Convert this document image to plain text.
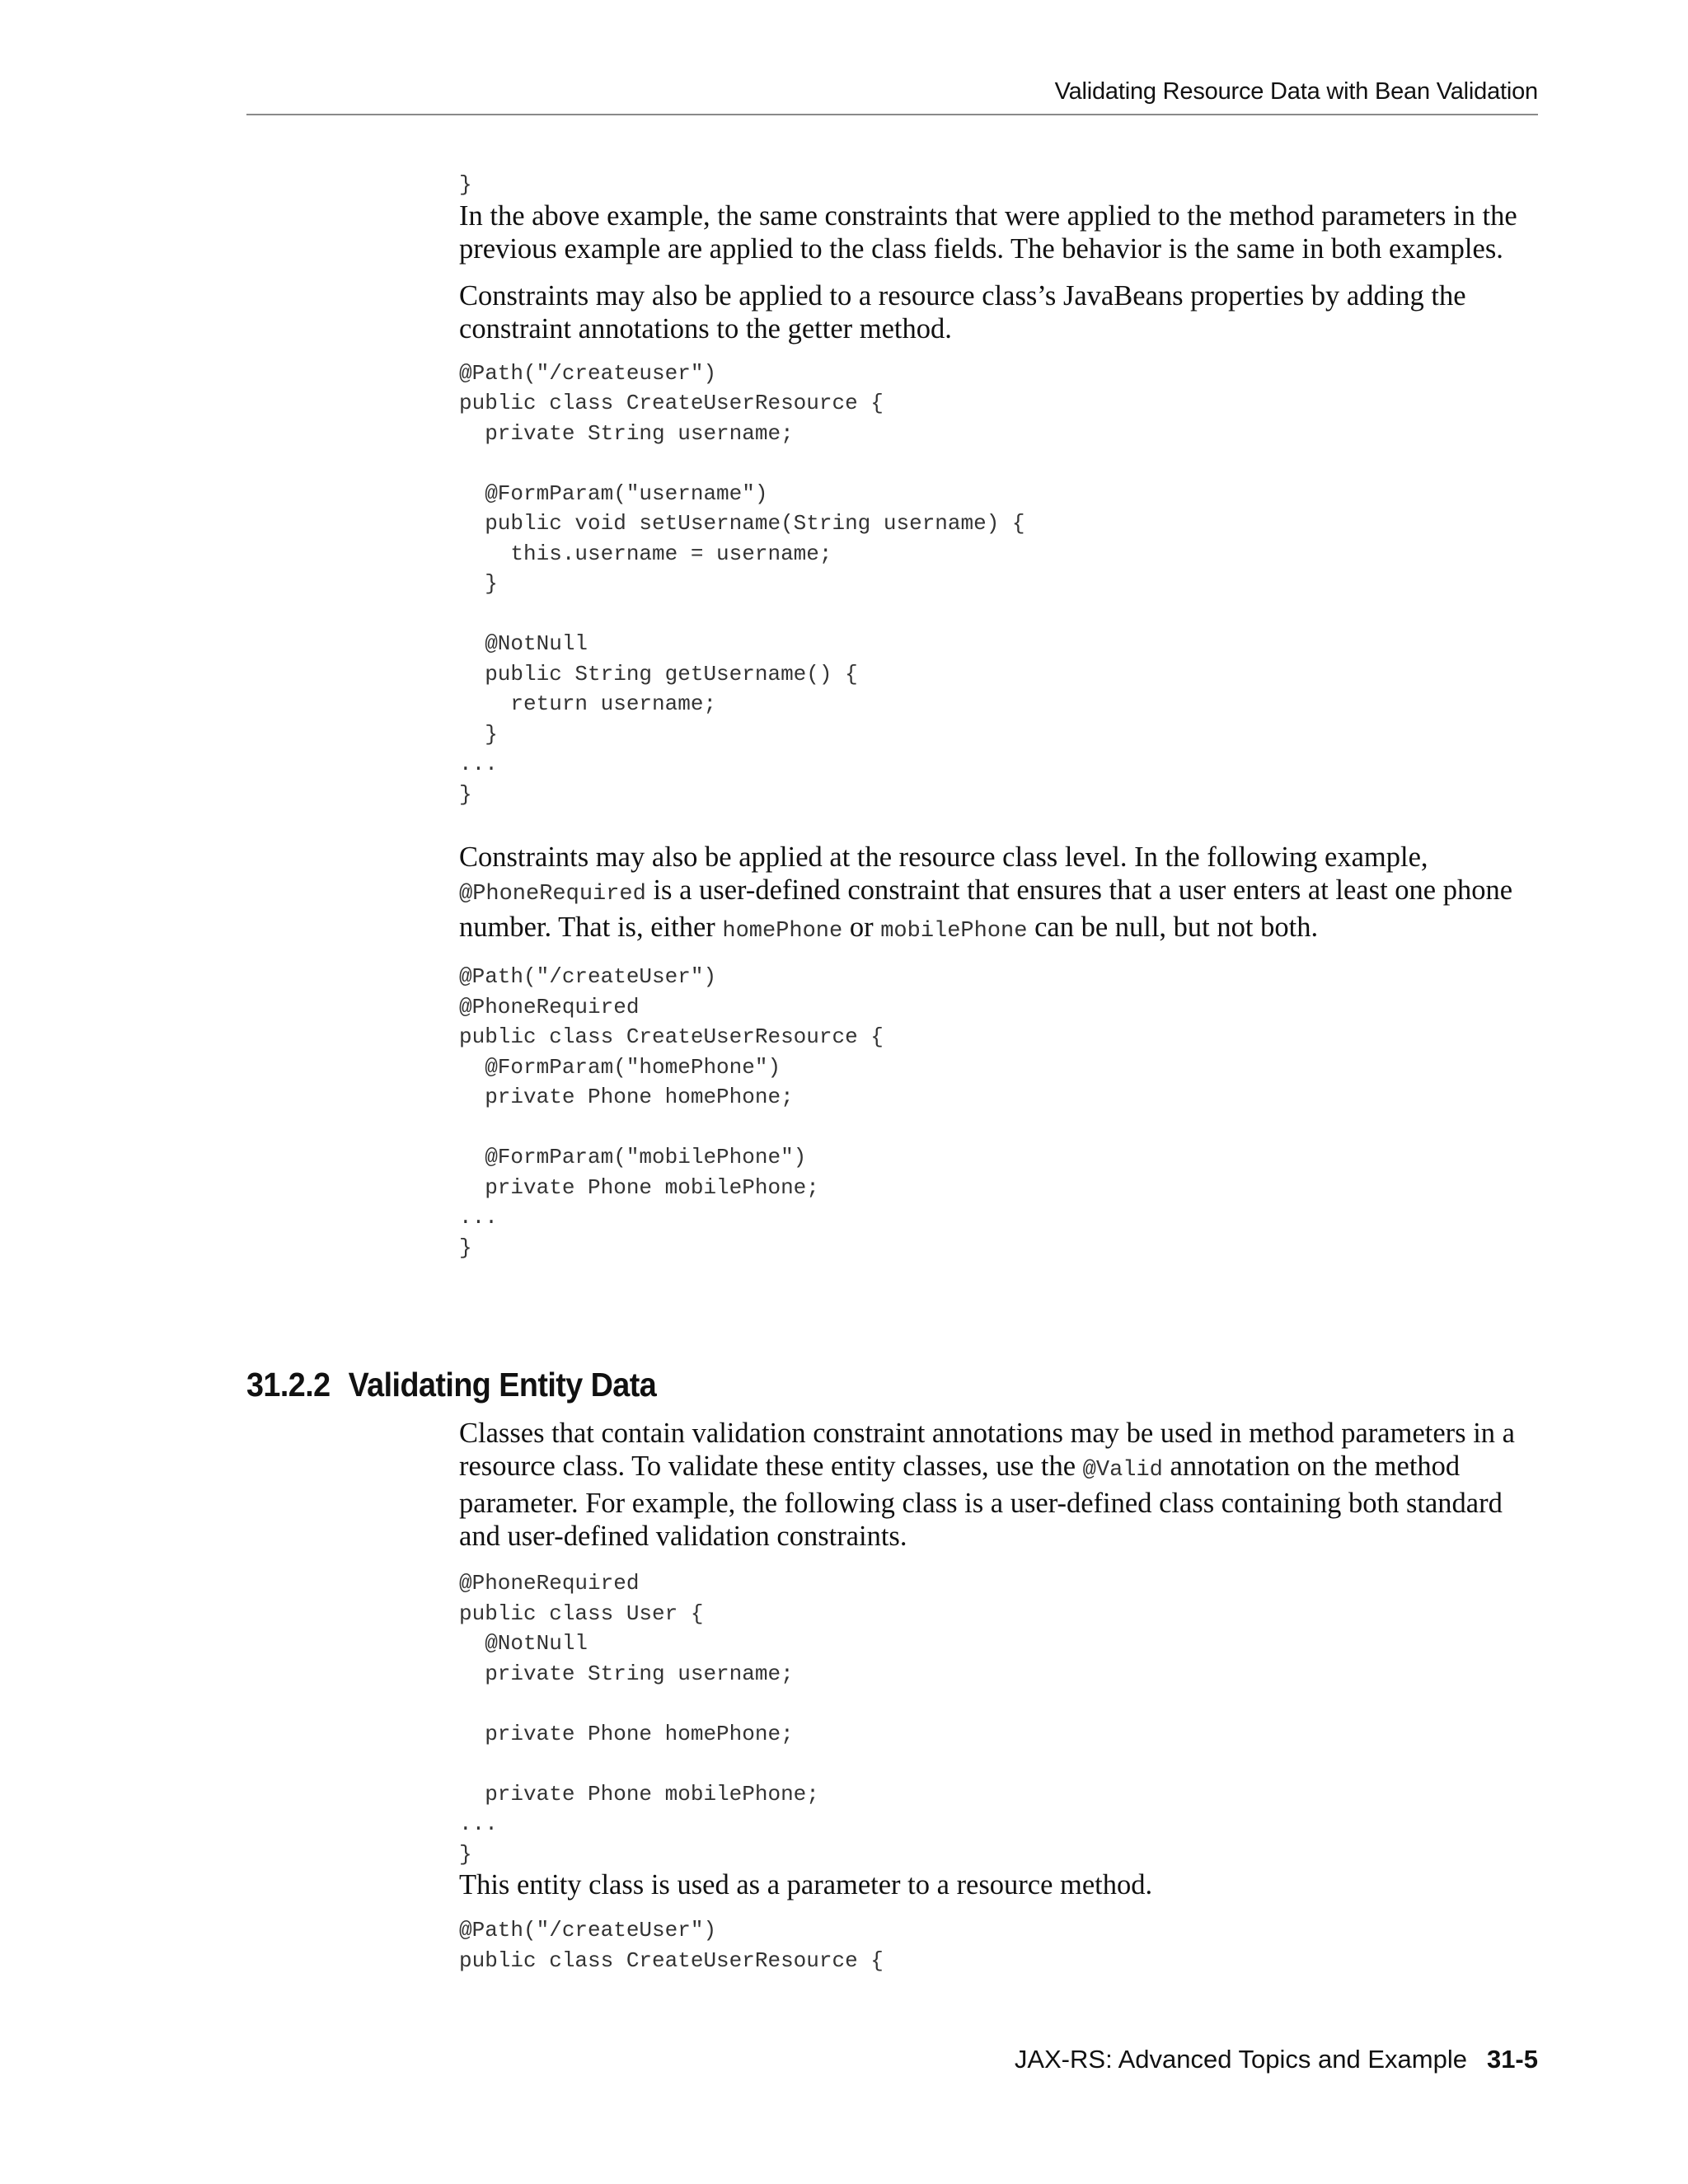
Validating Resource Data with Bean Validation
}

In the above example, the same constraints that were applied to the method parameters in the previous example are applied to the class fields. The behavior is the same in both examples.

Constraints may also be applied to a resource class’s JavaBeans properties by adding the constraint annotations to the getter method.

@Path("/createuser")
public class CreateUserResource {
private String username;

@FormParam("username")
public void setUsername(String username) {
this.username = username;
}

@NotNull
public String getUsername() {
return username;
}
...
}

Constraints may also be applied at the resource class level. In the following example, @PhoneRequired is a user-defined constraint that ensures that a user enters at least one phone number. That is, either homePhone or mobilePhone can be null, but not both.

@Path("/createUser")
@PhoneRequired
public class CreateUserResource {
@FormParam("homePhone")
private Phone homePhone;

@FormParam("mobilePhone")
private Phone mobilePhone;
...
}
31.2.2 Validating Entity Data

Classes that contain validation constraint annotations may be used in method parameters in a resource class. To validate these entity classes, use the @Valid annotation on the method parameter. For example, the following class is a user-defined class containing both standard and user-defined validation constraints.

@PhoneRequired
public class User {
@NotNull
private String username;

private Phone homePhone;

private Phone mobilePhone;
...
}

This entity class is used as a parameter to a resource method.

@Path("/createUser")
public class CreateUserResource {
JAX-RS: Advanced Topics and Example 31-5
